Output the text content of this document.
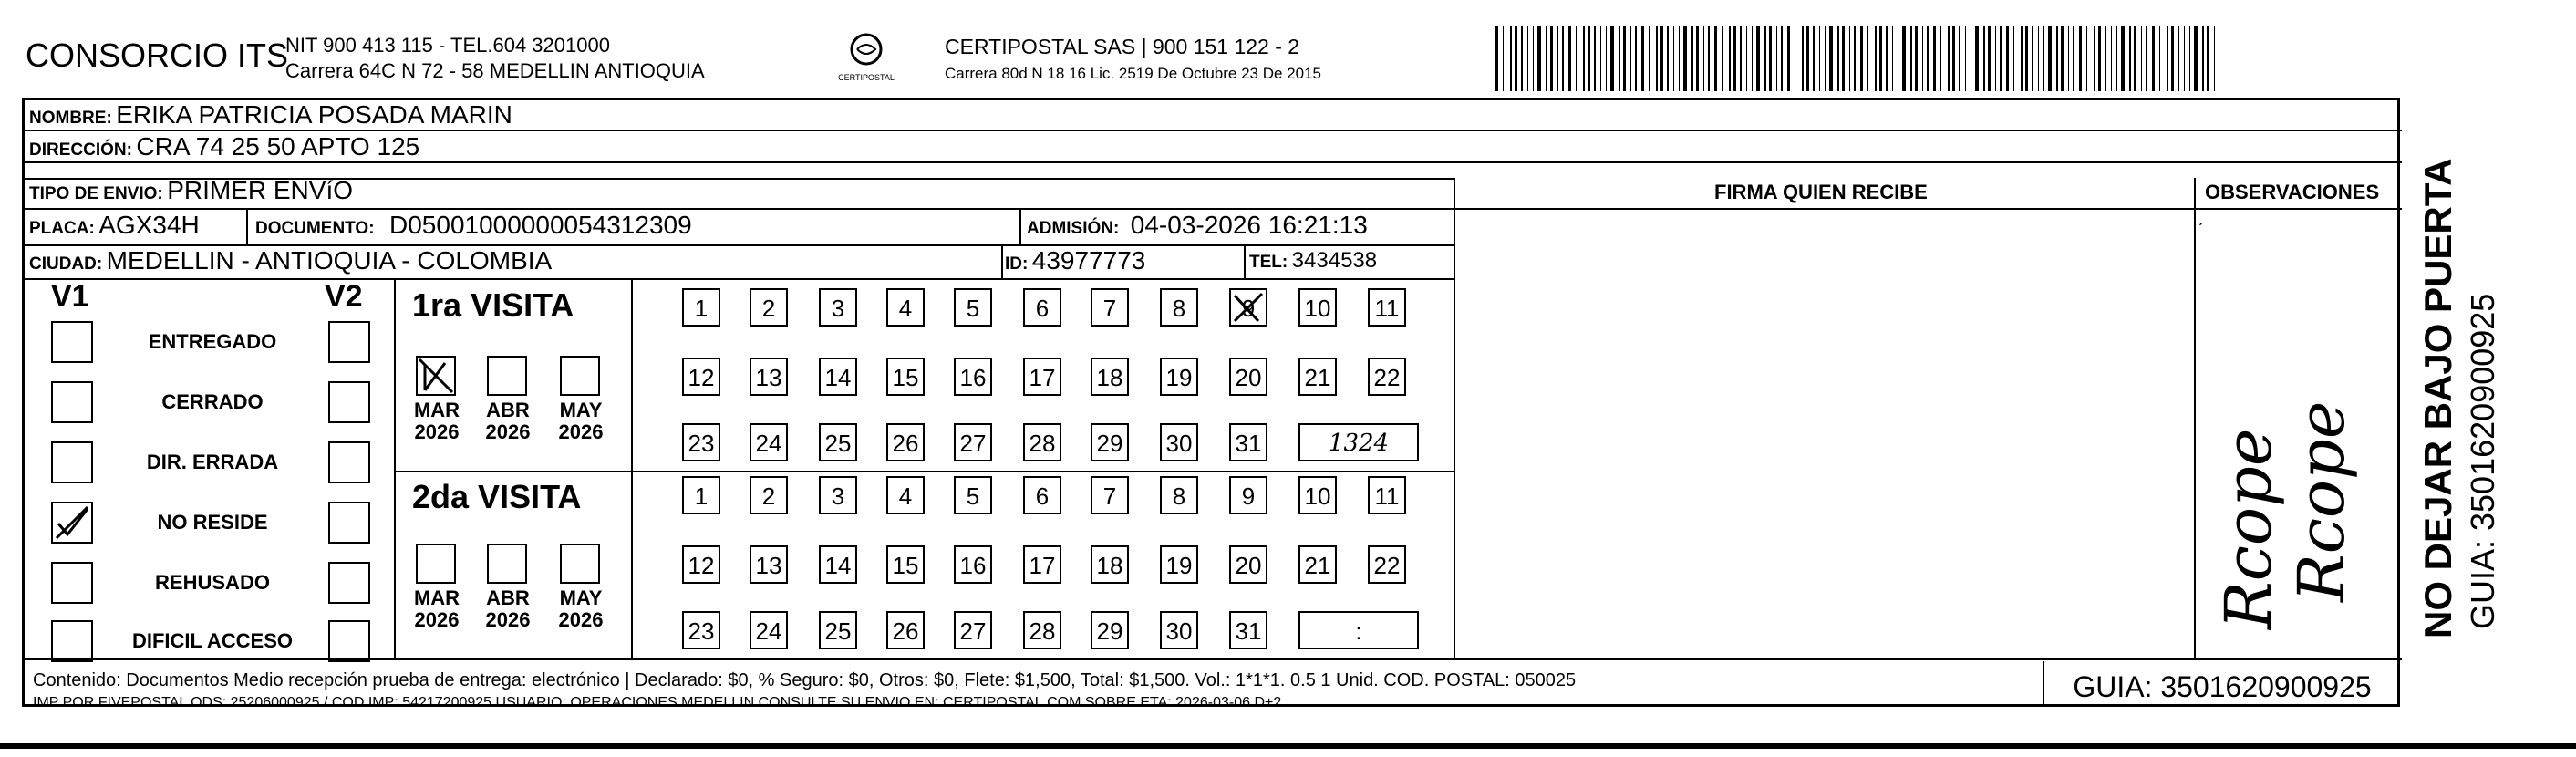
CONSORCIO ITS
NIT 900 413 115 - TEL.604 3201000
Carrera 64C N 72 - 58 MEDELLIN ANTIOQUIA	CERTIPOSTAL
CERTIPOSTAL SAS | 900 151 122 - 2
Carrera 80d N 18 16 Lic. 2519 De Octubre 23 De 2015
NOMBRE: ERIKA PATRICIA POSADA MARIN
DIRECCIÓN: CRA 74 25 50 APTO 125
TIPO DE ENVIO: PRIMER ENVíO	FIRMA QUIEN RECIBE	OBSERVACIONES
PLACA: AGX34H	DOCUMENTO: D050010000000543​12309	ADMISIÓN: 04-03-2026 16:21:13
CIUDAD: MEDELLIN - ANTIOQUIA - COLOMBIA	ID: 43977773	TEL: 3434538
V1	V2
ENTREGADO
CERRADO
DIR. ERRADA
NO RESIDE
REHUSADO
DIFICIL ACCESO
1ra VISITA
2da VISITA
MAR
2026
ABR
2026
MAY
2026
1	2	3	4	5	6	7	8	9	10 11
12 13 14 15 16 17 18 19 20 21 22
23 24 25 26 27 28 29 30 31	1324
MAR
2026
ABR
2026
MAY
2026
1	2	3	4	5	6	7	8	9	10 11
12 13 14 15 16 17 18 19 20 21 22
23 24 25 26 27 28 29 30 31	:
ˊ
Rcope
Rcope NO DEJAR BAJO PUERTA GUIA: 3501620900925
Contenido: Documentos Medio recepción prueba de entrega: electrónico | Declarado: $0, % Seguro: $0, Otros: $0, Flete: $1,500, Total: $1,500. Vol.: 1*1*1. 0.5 1 Unid. COD. POSTAL: 050025
IMP POR FIVEPOSTAL ODS: 25206000925 / COD.IMP: 54217200925 USUARIO: OPERACIONES MEDELLIN CONSULTE SU ENVIO EN: CERTIPOSTAL.COM SOBRE ETA: 2026-03-06 D+2	GUIA: 3501620900925
